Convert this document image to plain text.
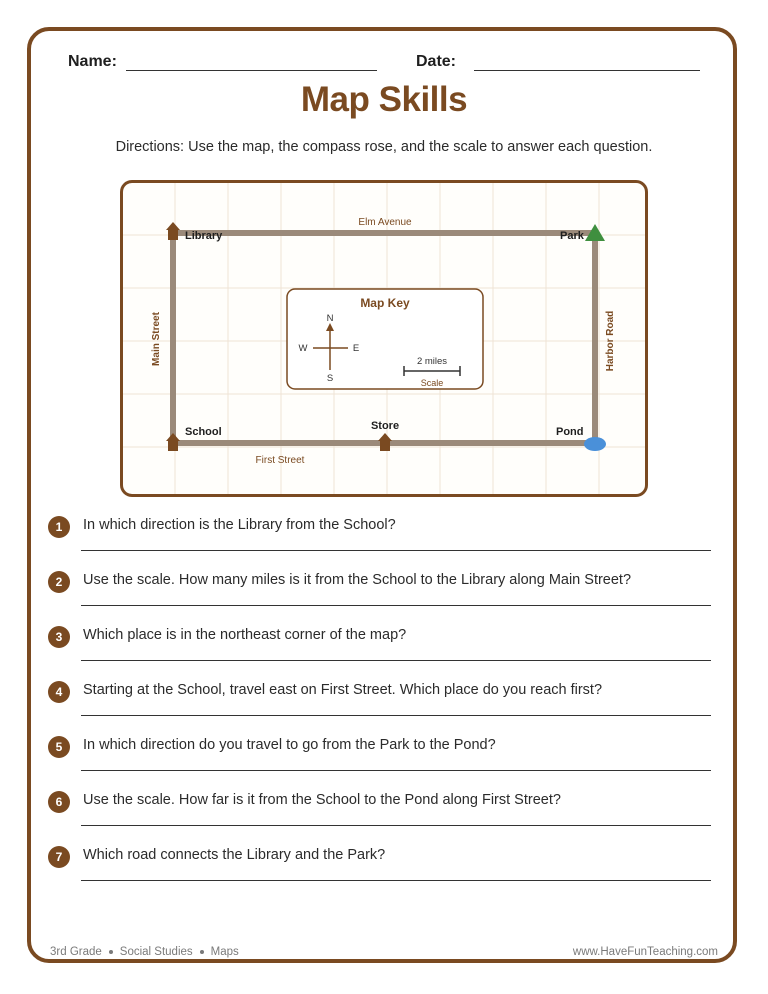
Name:	Date:
Map Skills
Directions: Use the map, the compass rose, and the scale to answer each question.
Elm Avenue
Main Street	Harbor Road
First Street
Library	Park
School	Store	Pond
Map Key
N
S
W	E
2 miles
Scale
1	In which direction is the Library from the School?
2	Use the scale. How many miles is it from the School to the Library along Main Street?
3	Which place is in the northeast corner of the map?
4	Starting at the School, travel east on First Street. Which place do you reach first?
5	In which direction do you travel to go from the Park to the Pond?
6	Use the scale. How far is it from the School to the Pond along First Street?
7	Which road connects the Library and the Park?
3rd Grade Social Studies Maps	www.HaveFunTeaching.com
